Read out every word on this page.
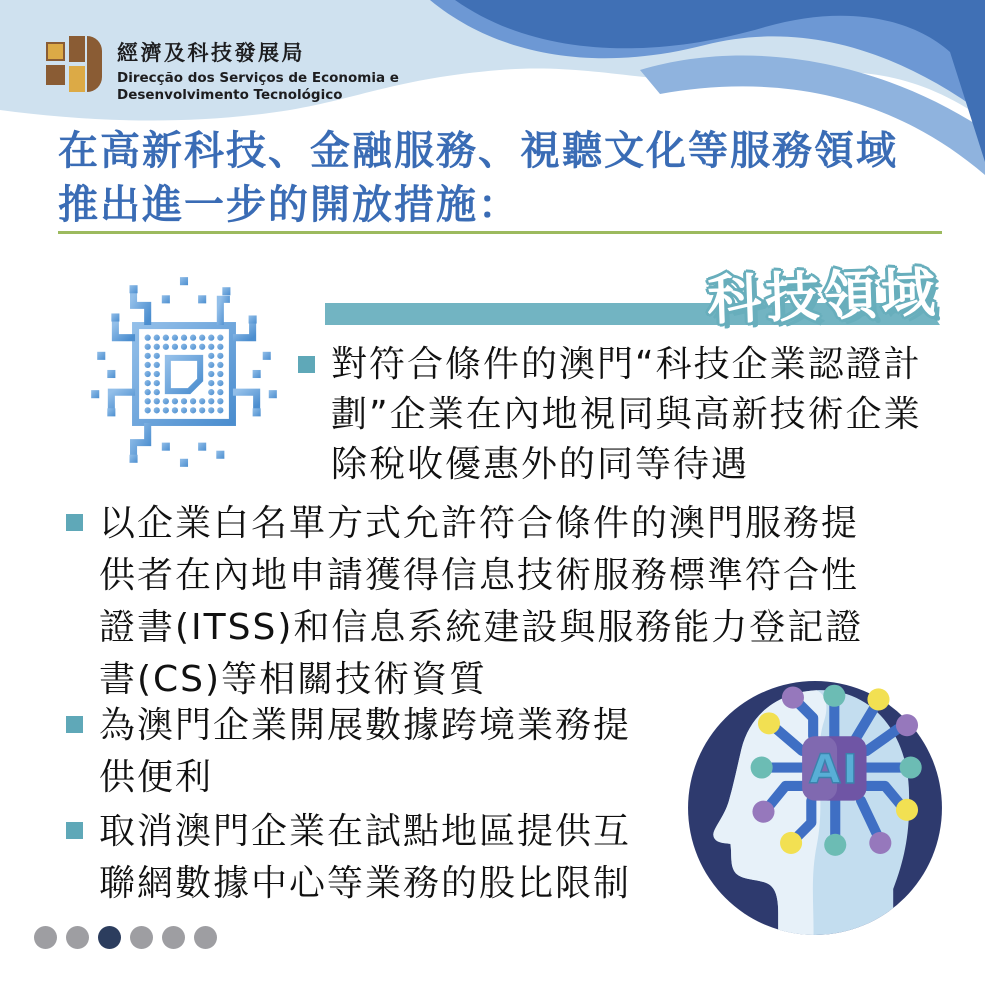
經濟及科技發展局
Direcção dos Serviços de Economia e
Desenvolvimento Tecnológico
在高新科技、金融服務、視聽文化等服務領域
推出進一步的開放措施：
科技領域
對符合條件的澳門“科技企業認證計劃”企業在內地視同與高新技術企業除稅收優惠外的同等待遇
以企業白名單方式允許符合條件的澳門服務提供者在內地申請獲得信息技術服務標準符合性證書(ITSS)和信息系統建設與服務能力登記證書(CS)等相關技術資質
為澳門企業開展數據跨境業務提供便利
取消澳門企業在試點地區提供互聯網數據中心等業務的股比限制
AI
